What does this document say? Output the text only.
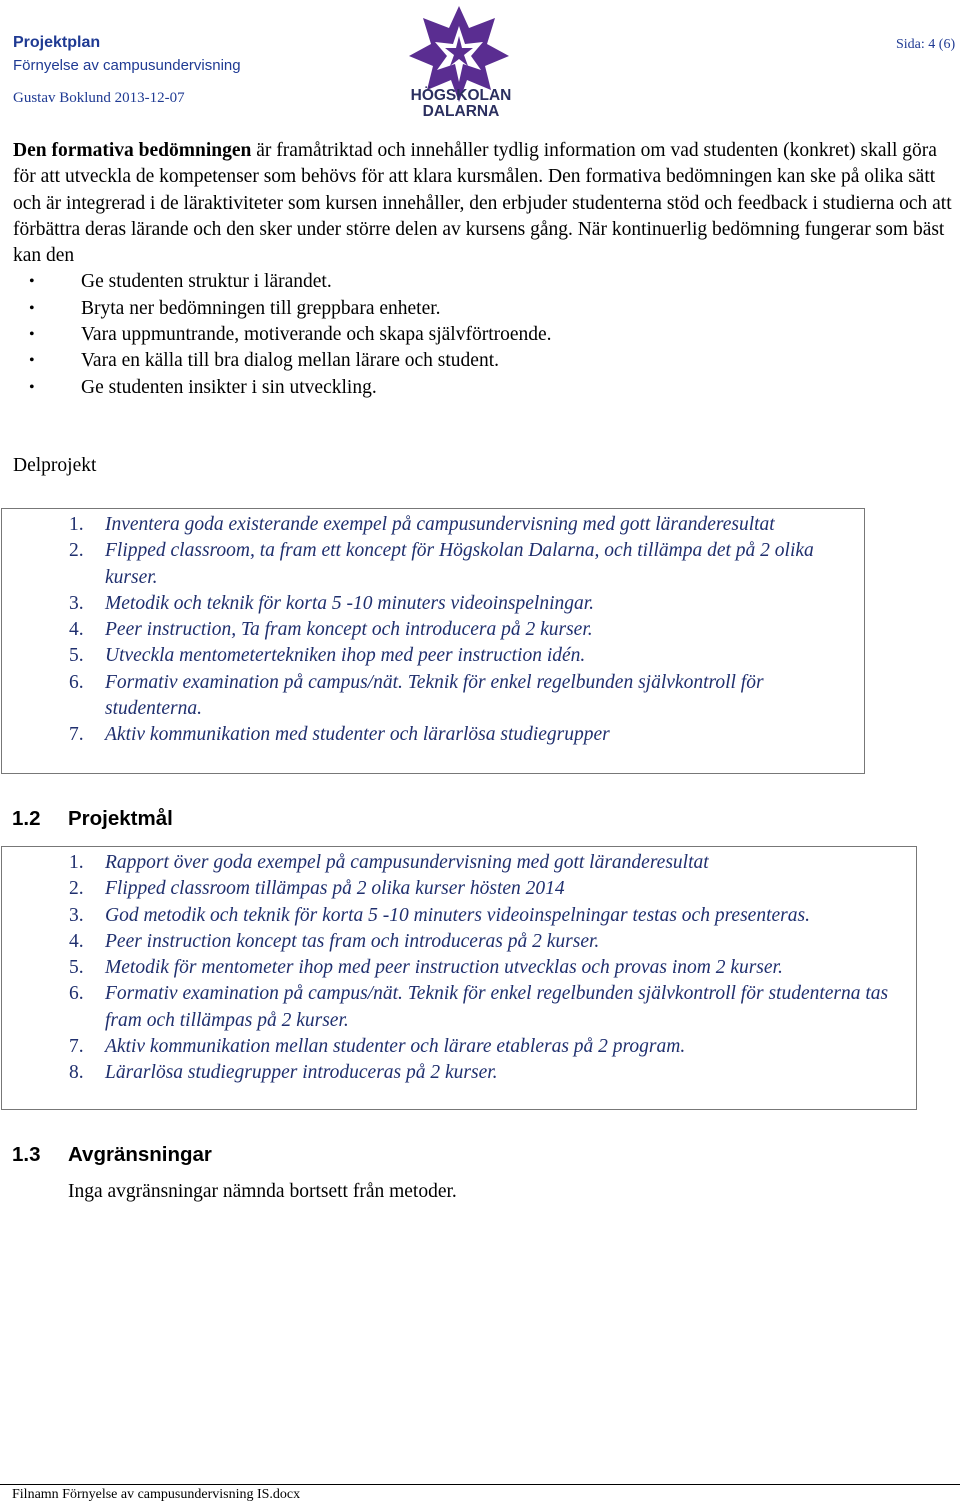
Projektplan
Förnyelse av campusundervisning
Gustav Boklund 2013-12-07
Sida: 4 (6)
HÖGSKOLAN
DALARNA

Den formativa bedömningen är framåtriktad och innehåller tydlig information om vad studenten (konkret) skall göra för att utveckla de kompetenser som behövs för att klara kursmålen. Den formativa bedömningen kan ske på olika sätt och är integrerad i de läraktiviteter som kursen innehåller, den erbjuder studenterna stöd och feedback i studierna och att förbättra deras lärande och den sker under större delen av kursens gång. När kontinuerlig bedömning fungerar som bäst kan den

• Ge studenten struktur i lärandet.
• Bryta ner bedömningen till greppbara enheter.
• Vara uppmuntrande, motiverande och skapa självförtroende.
• Vara en källa till bra dialog mellan lärare och student.
• Ge studenten insikter i sin utveckling.
Delprojekt
1. Inventera goda existerande exempel på campusundervisning med gott läranderesultat
2. Flipped classroom, ta fram ett koncept för Högskolan Dalarna, och tillämpa det på 2 olika kurser.
3. Metodik och teknik för korta 5 -10 minuters videoinspelningar.
4. Peer instruction, Ta fram koncept och introducera på 2 kurser.
5. Utveckla mentometertekniken ihop med peer instruction idén.
6. Formativ examination på campus/nät. Teknik för enkel regelbunden självkontroll för studenterna.
7. Aktiv kommunikation med studenter och lärarlösa studiegrupper
1.2 Projektmål
1. Rapport över goda exempel på campusundervisning med gott läranderesultat
2. Flipped classroom tillämpas på 2 olika kurser hösten 2014
3. God metodik och teknik för korta 5 -10 minuters videoinspelningar testas och presenteras.
4. Peer instruction koncept tas fram och introduceras på 2 kurser.
5. Metodik för mentometer ihop med peer instruction utvecklas och provas inom 2 kurser.
6. Formativ examination på campus/nät. Teknik för enkel regelbunden självkontroll för studenterna tas fram och tillämpas på 2 kurser.
7. Aktiv kommunikation mellan studenter och lärare etableras på 2 program.
8. Lärarlösa studiegrupper introduceras på 2 kurser.
1.3 Avgränsningar
Inga avgränsningar nämnda bortsett från metoder.
Filnamn Förnyelse av campusundervisning IS.docx
